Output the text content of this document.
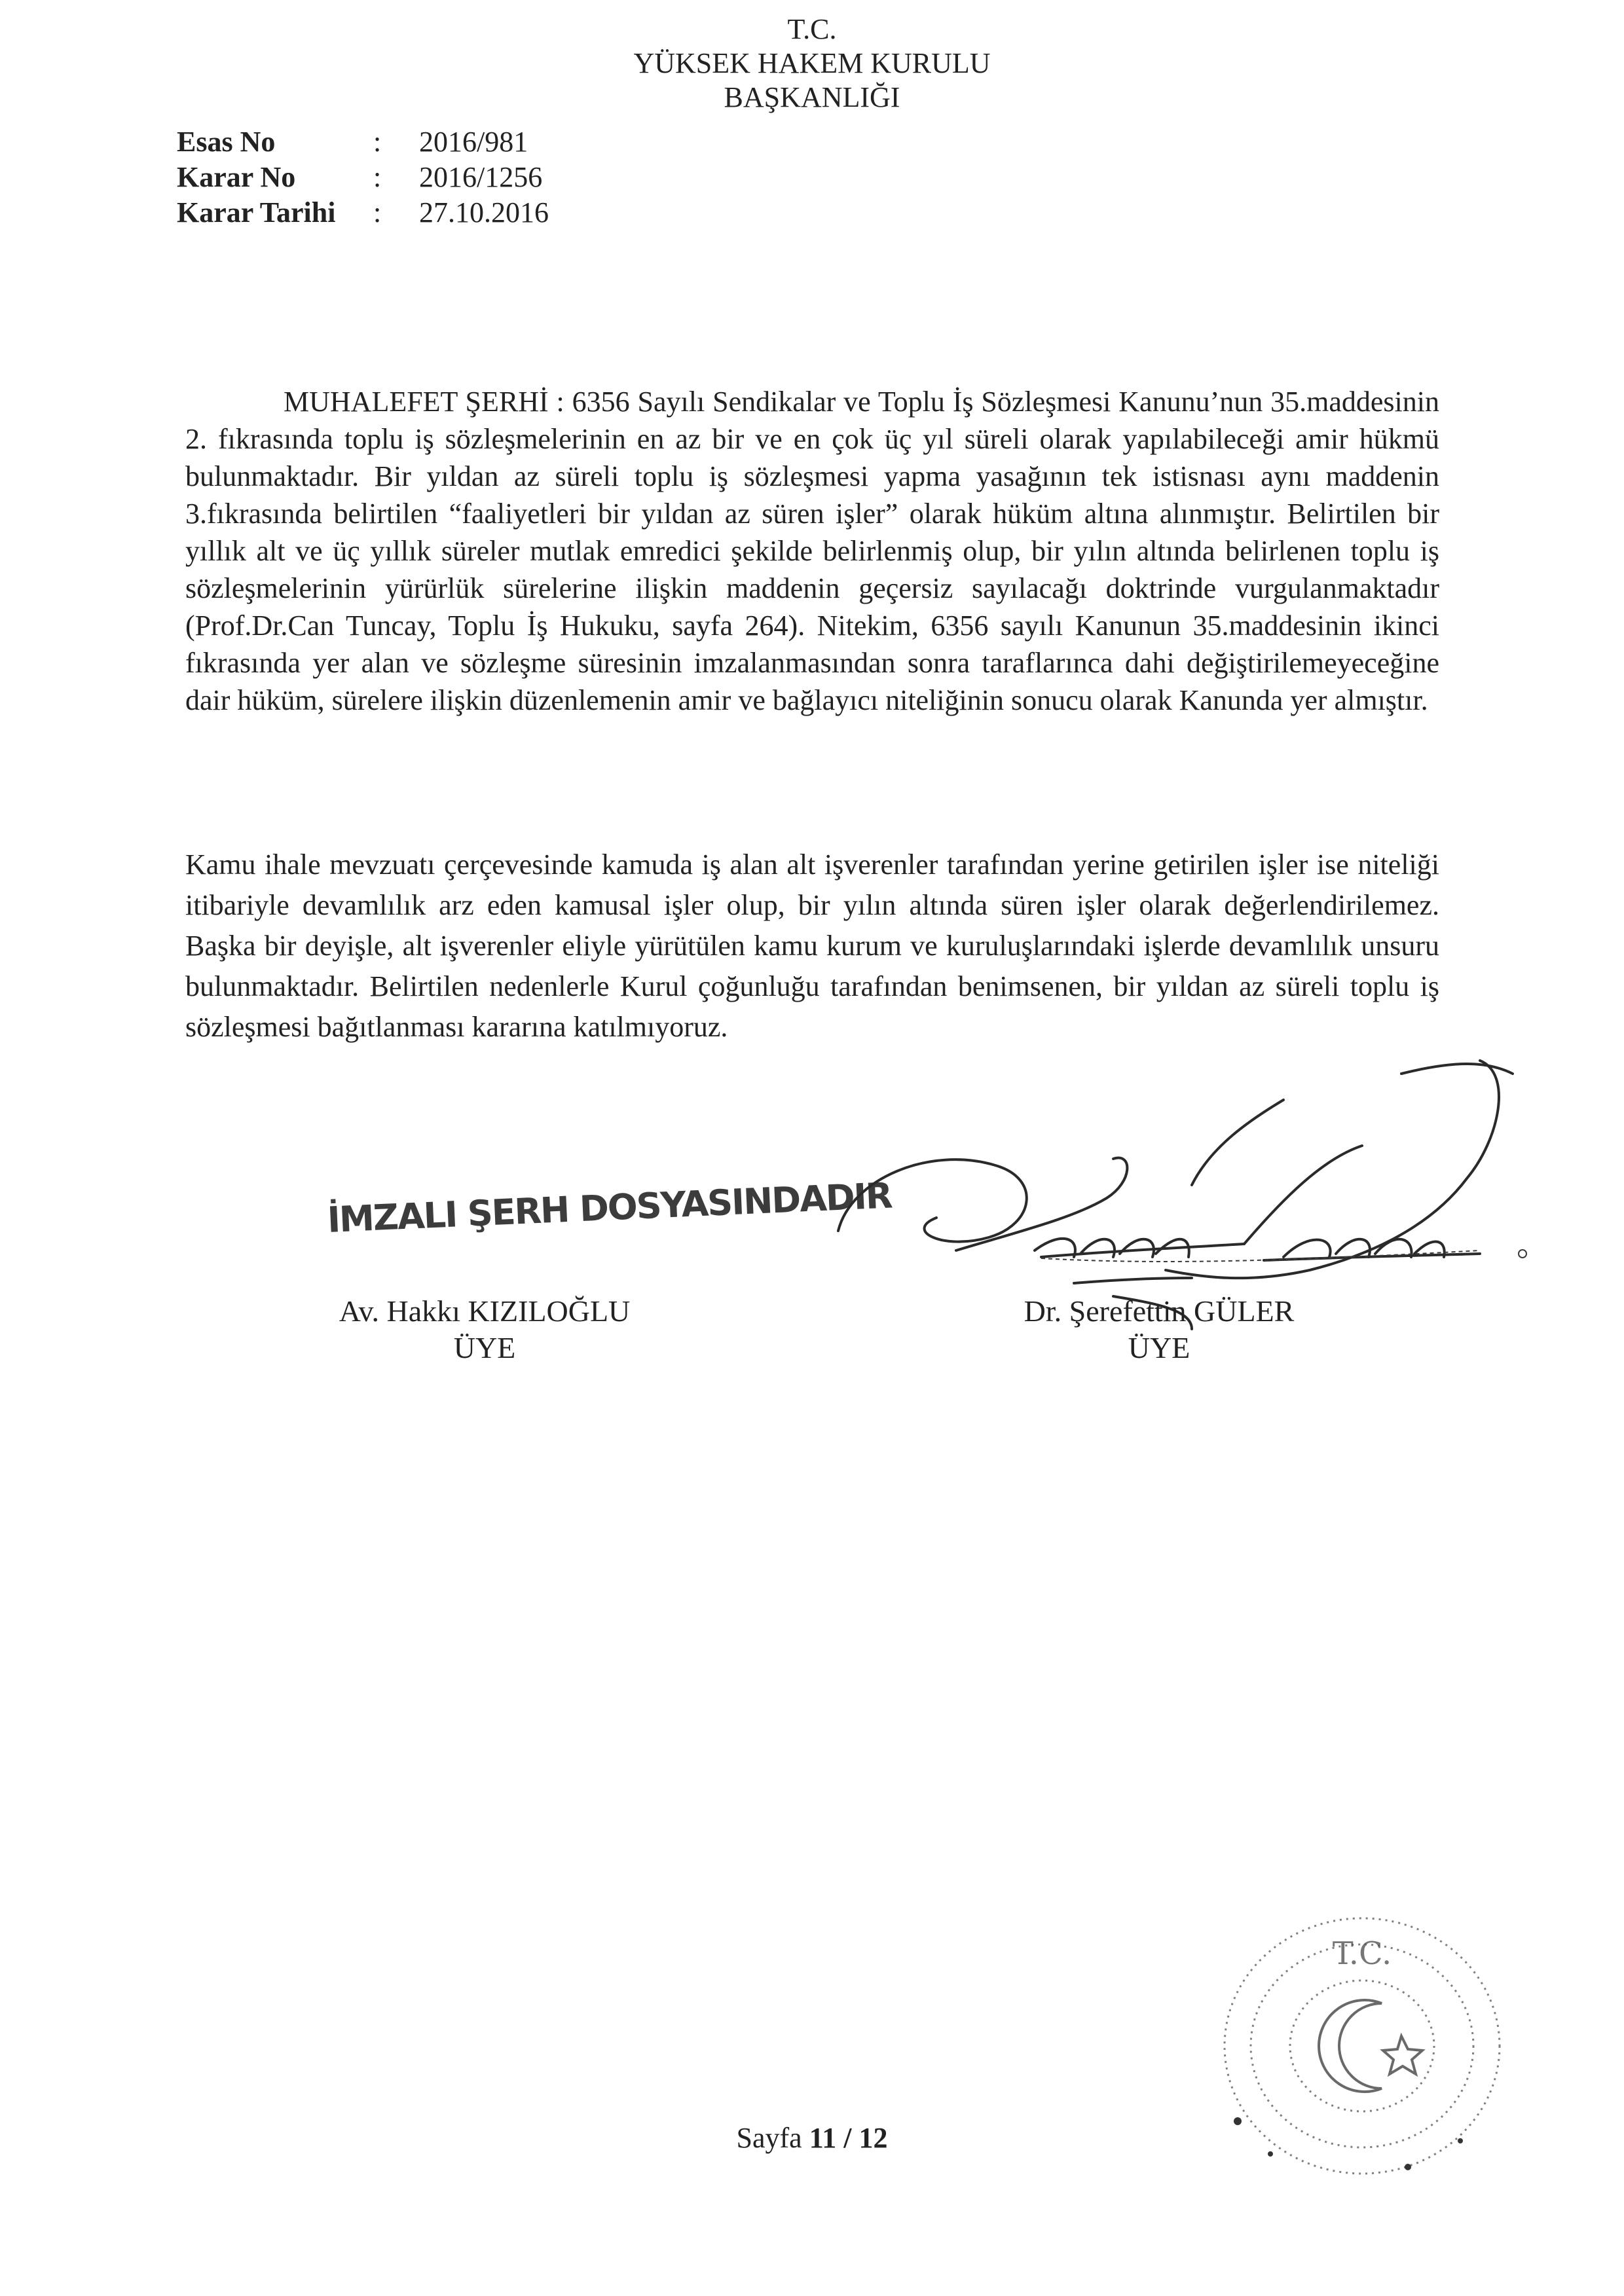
T.C.
YÜKSEK HAKEM KURULU
BAŞKANLIĞI
Esas No	: 2016/981
Karar No	: 2016/1256
Karar Tarihi : 27.10.2016
MUHALEFET ŞERHİ : 6356 Sayılı Sendikalar ve Toplu İş Sözleşmesi Kanunu’nun 35.maddesinin 2. fıkrasında toplu iş sözleşmelerinin en az bir ve en çok üç yıl süreli olarak yapılabileceği amir hükmü bulunmaktadır. Bir yıldan az süreli toplu iş sözleşmesi yapma yasağının tek istisnası aynı maddenin 3.fıkrasında belirtilen “faaliyetleri bir yıldan az süren işler” olarak hüküm altına alınmıştır. Belirtilen bir yıllık alt ve üç yıllık süreler mutlak emredici şekilde belirlenmiş olup, bir yılın altında belirlenen toplu iş sözleşmelerinin yürürlük sürelerine ilişkin maddenin geçersiz sayılacağı doktrinde vurgulanmaktadır (Prof.Dr.Can Tuncay, Toplu İş Hukuku, sayfa 264). Nitekim, 6356 sayılı Kanunun 35.maddesinin ikinci fıkrasında yer alan ve sözleşme süresinin imzalanmasından sonra taraflarınca dahi değiştirilemeyeceğine dair hüküm, sürelere ilişkin düzenlemenin amir ve bağlayıcı niteliğinin sonucu olarak Kanunda yer almıştır.
Kamu ihale mevzuatı çerçevesinde kamuda iş alan alt işverenler tarafından yerine getirilen işler ise niteliği itibariyle devamlılık arz eden kamusal işler olup, bir yılın altında süren işler olarak değerlendirilemez. Başka bir deyişle, alt işverenler eliyle yürütülen kamu kurum ve kuruluşlarındaki işlerde devamlılık unsuru bulunmaktadır. Belirtilen nedenlerle Kurul çoğunluğu tarafından benimsenen, bir yıldan az süreli toplu iş sözleşmesi bağıtlanması kararına katılmıyoruz.
İMZALI ŞERH DOSYASINDADIR
Av. Hakkı KIZILOĞLU
ÜYE
Dr. Şerefettin GÜLER
ÜYE
T.C.
Sayfa 11 / 12
